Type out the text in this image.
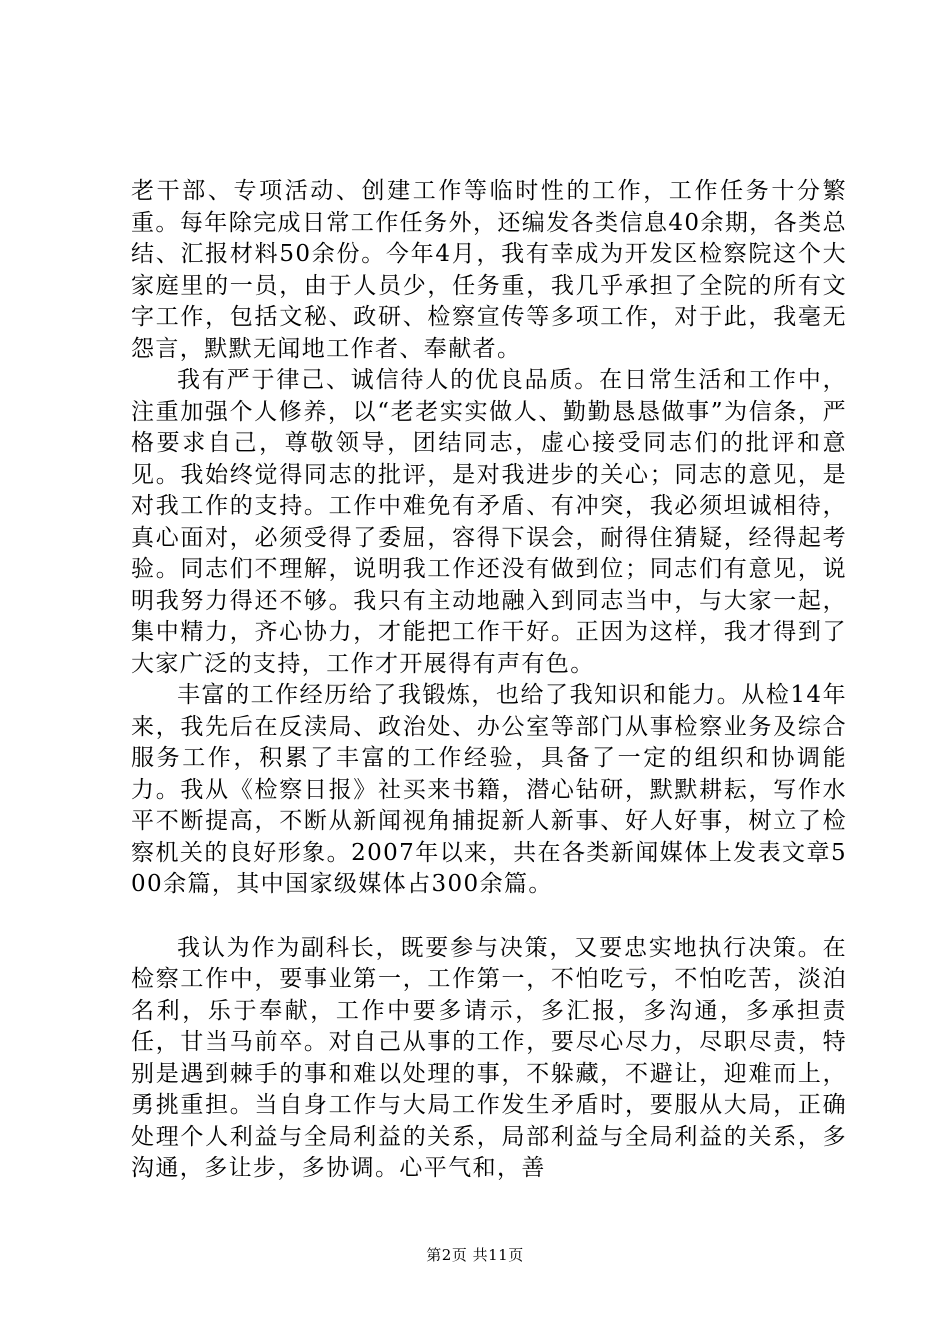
老干部、专项活动、创建工作等临时性的工作，工作任务十分繁重。每年除完成日常工作任务外，还编发各类信息40余期，各类总结、汇报材料50余份。今年4月，我有幸成为开发区检察院这个大家庭里的一员，由于人员少，任务重，我几乎承担了全院的所有文字工作，包括文秘、政研、检察宣传等多项工作，对于此，我毫无怨言，默默无闻地工作者、奉献者。

我有严于律己、诚信待人的优良品质。在日常生活和工作中，注重加强个人修养，以“老老实实做人、勤勤恳恳做事”为信条，严格要求自己，尊敬领导，团结同志，虚心接受同志们的批评和意见。我始终觉得同志的批评，是对我进步的关心；同志的意见，是对我工作的支持。工作中难免有矛盾、有冲突，我必须坦诚相待，真心面对，必须受得了委屈，容得下误会，耐得住猜疑，经得起考验。同志们不理解，说明我工作还没有做到位；同志们有意见，说明我努力得还不够。我只有主动地融入到同志当中，与大家一起，集中精力，齐心协力，才能把工作干好。正因为这样，我才得到了大家广泛的支持，工作才开展得有声有色。

丰富的工作经历给了我锻炼，也给了我知识和能力。从检14年来，我先后在反渎局、政治处、办公室等部门从事检察业务及综合服务工作，积累了丰富的工作经验，具备了一定的组织和协调能力。我从《检察日报》社买来书籍，潜心钻研，默默耕耘，写作水平不断提高，不断从新闻视角捕捉新人新事、好人好事，树立了检察机关的良好形象。2007年以来，共在各类新闻媒体上发表文章500余篇，其中国家级媒体占300余篇。

我认为作为副科长，既要参与决策，又要忠实地执行决策。在检察工作中，要事业第一，工作第一，不怕吃亏，不怕吃苦，淡泊名利，乐于奉献，工作中要多请示，多汇报，多沟通，多承担责任，甘当马前卒。对自己从事的工作，要尽心尽力，尽职尽责，特别是遇到棘手的事和难以处理的事，不躲藏，不避让，迎难而上，勇挑重担。当自身工作与大局工作发生矛盾时，要服从大局，正确处理个人利益与全局利益的关系，局部利益与全局利益的关系，多沟通，多让步，多协调。心平气和，善

第2页 共11页
